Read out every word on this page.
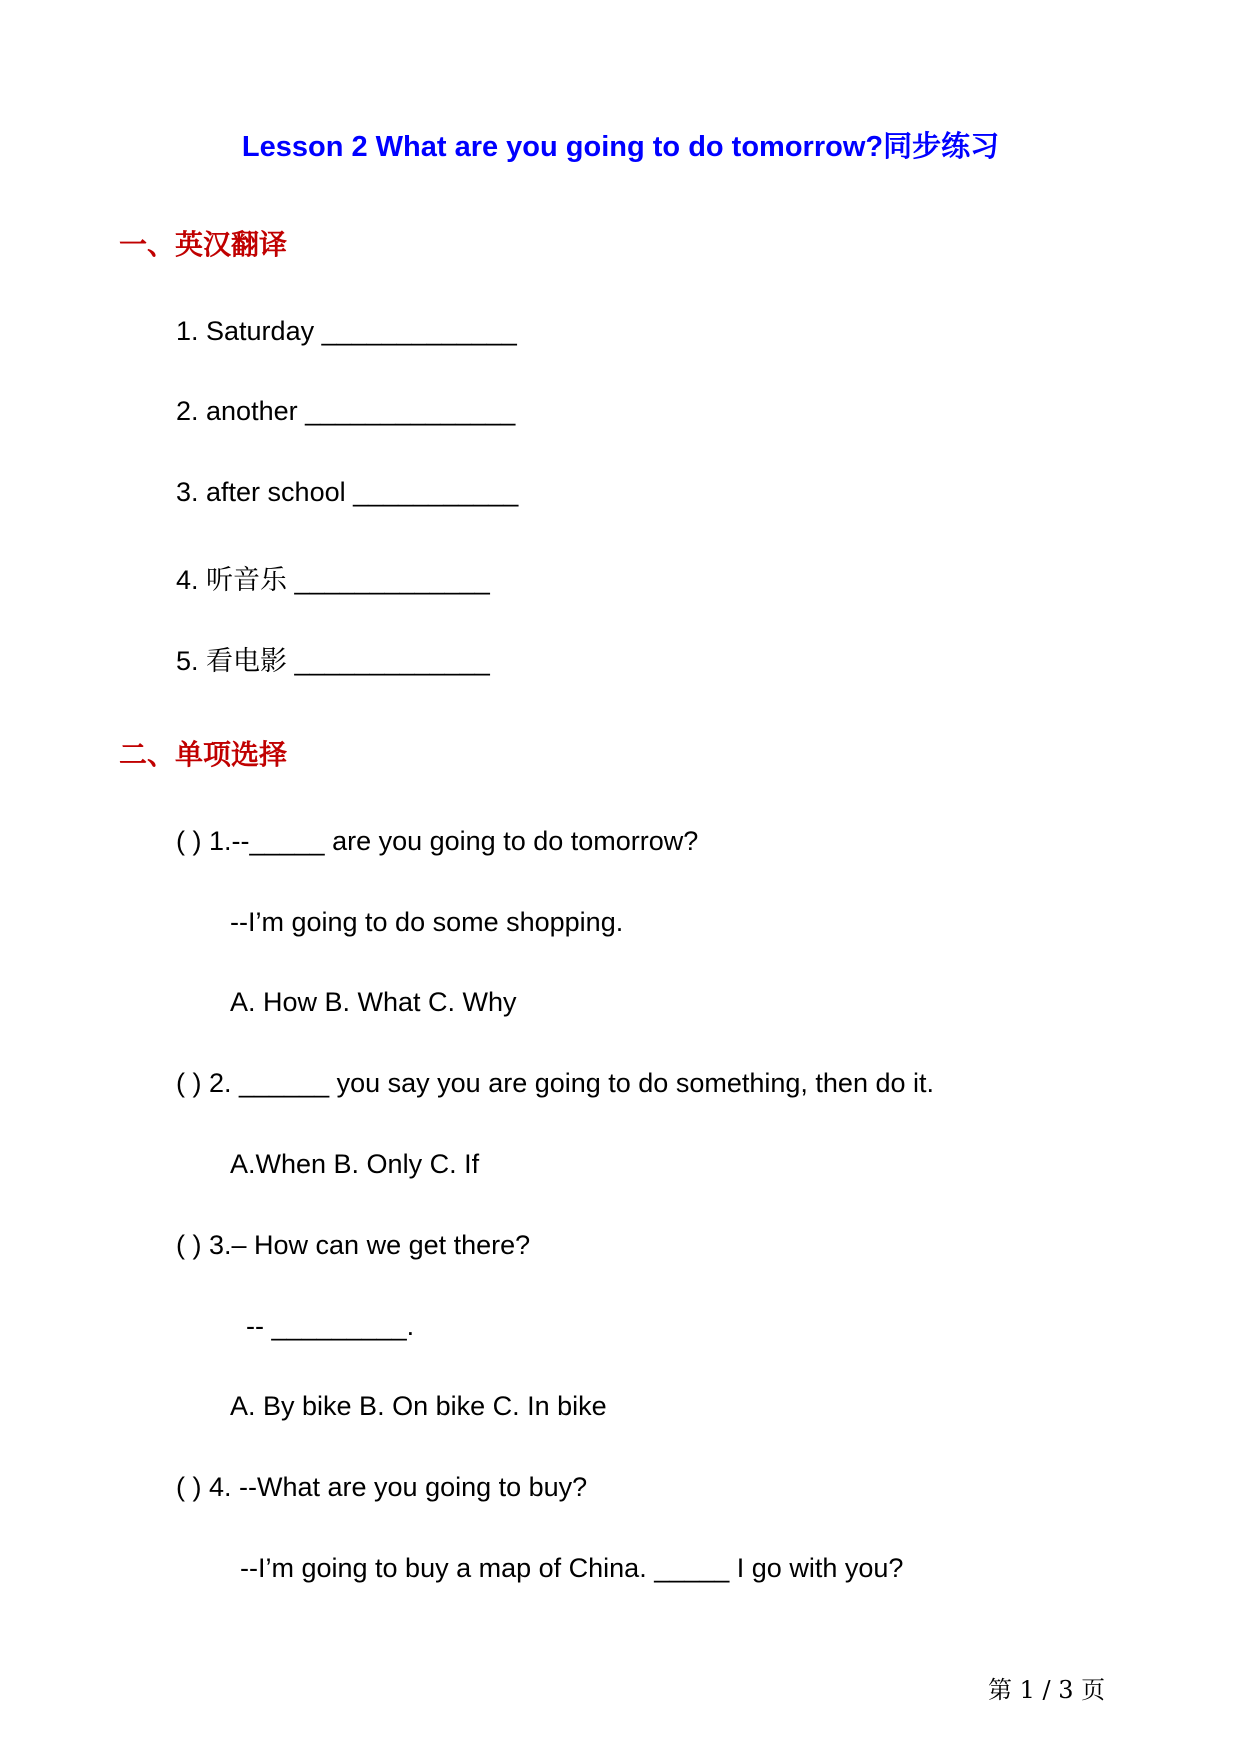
Lesson 2 What are you going to do tomorrow?同步练习
一、英汉翻译
1. Saturday _____________
2. another ______________
3. after school ___________
4. 听音乐 _____________
5. 看电影 _____________
二、单项选择
( ) 1.--_____ are you going to do tomorrow?
--I’m going to do some shopping.
A. How B. What C. Why
( ) 2. ______ you say you are going to do something, then do it.
A.When B. Only C. If
( ) 3.– How can we get there?
-- _________.
A. By bike B. On bike C. In bike
( ) 4. --What are you going to buy?
--I’m going to buy a map of China. _____ I go with you?
第 1 / 3 页
